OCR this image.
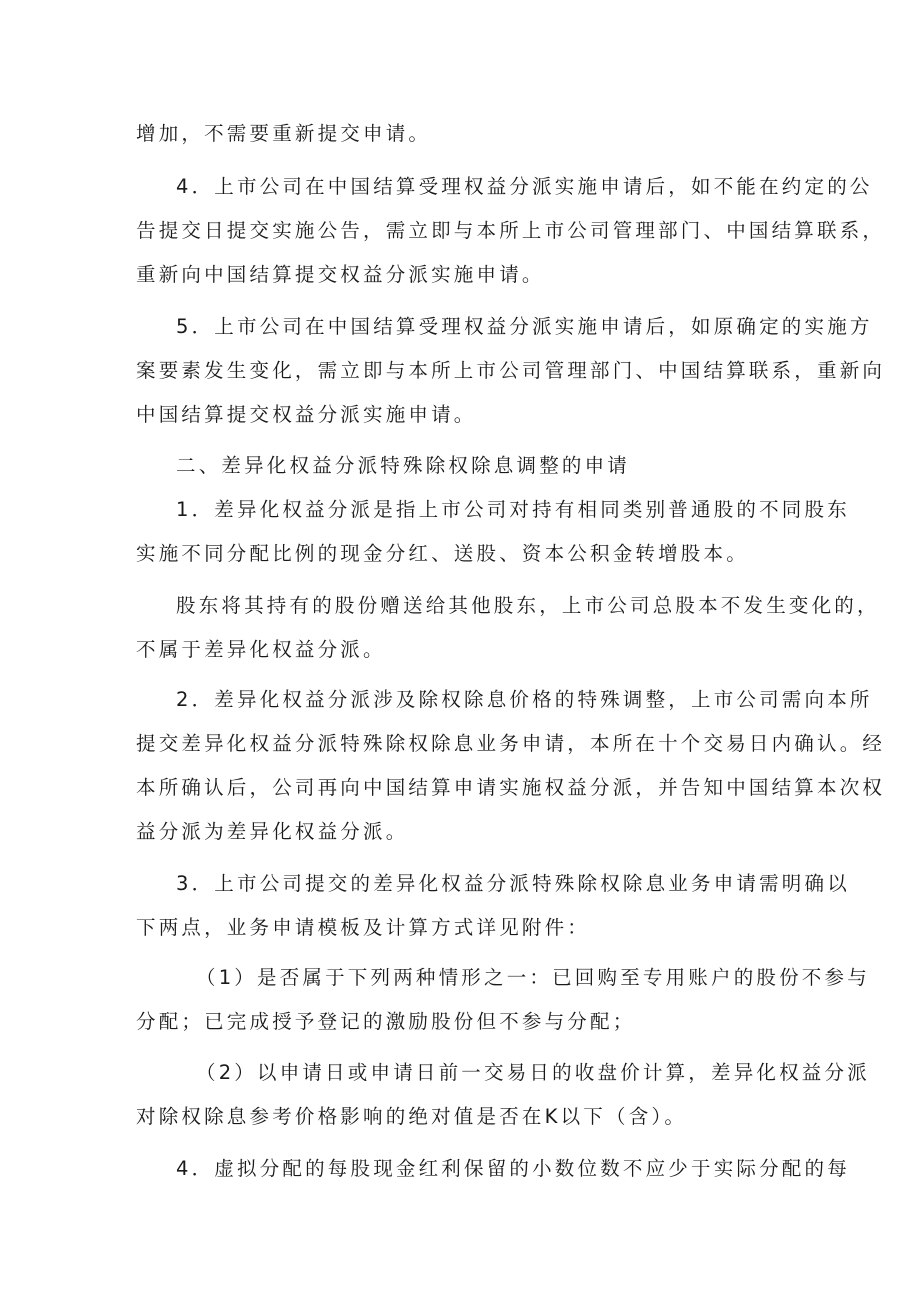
增加，不需要重新提交申请。
4．上市公司在中国结算受理权益分派实施申请后，如不能在约定的公
告提交日提交实施公告，需立即与本所上市公司管理部门、中国结算联系，
重新向中国结算提交权益分派实施申请。
5．上市公司在中国结算受理权益分派实施申请后，如原确定的实施方
案要素发生变化，需立即与本所上市公司管理部门、中国结算联系，重新向
中国结算提交权益分派实施申请。
二、差异化权益分派特殊除权除息调整的申请
1．差异化权益分派是指上市公司对持有相同类别普通股的不同股东
实施不同分配比例的现金分红、送股、资本公积金转增股本。
股东将其持有的股份赠送给其他股东，上市公司总股本不发生变化的，
不属于差异化权益分派。
2．差异化权益分派涉及除权除息价格的特殊调整，上市公司需向本所
提交差异化权益分派特殊除权除息业务申请，本所在十个交易日内确认。经
本所确认后，公司再向中国结算申请实施权益分派，并告知中国结算本次权
益分派为差异化权益分派。
3．上市公司提交的差异化权益分派特殊除权除息业务申请需明确以
下两点，业务申请模板及计算方式详见附件：
（1）是否属于下列两种情形之一：已回购至专用账户的股份不参与
分配；已完成授予登记的激励股份但不参与分配；
（2）以申请日或申请日前一交易日的收盘价计算，差异化权益分派
对除权除息参考价格影响的绝对值是否在K以下（含）。
4．虚拟分配的每股现金红利保留的小数位数不应少于实际分配的每
